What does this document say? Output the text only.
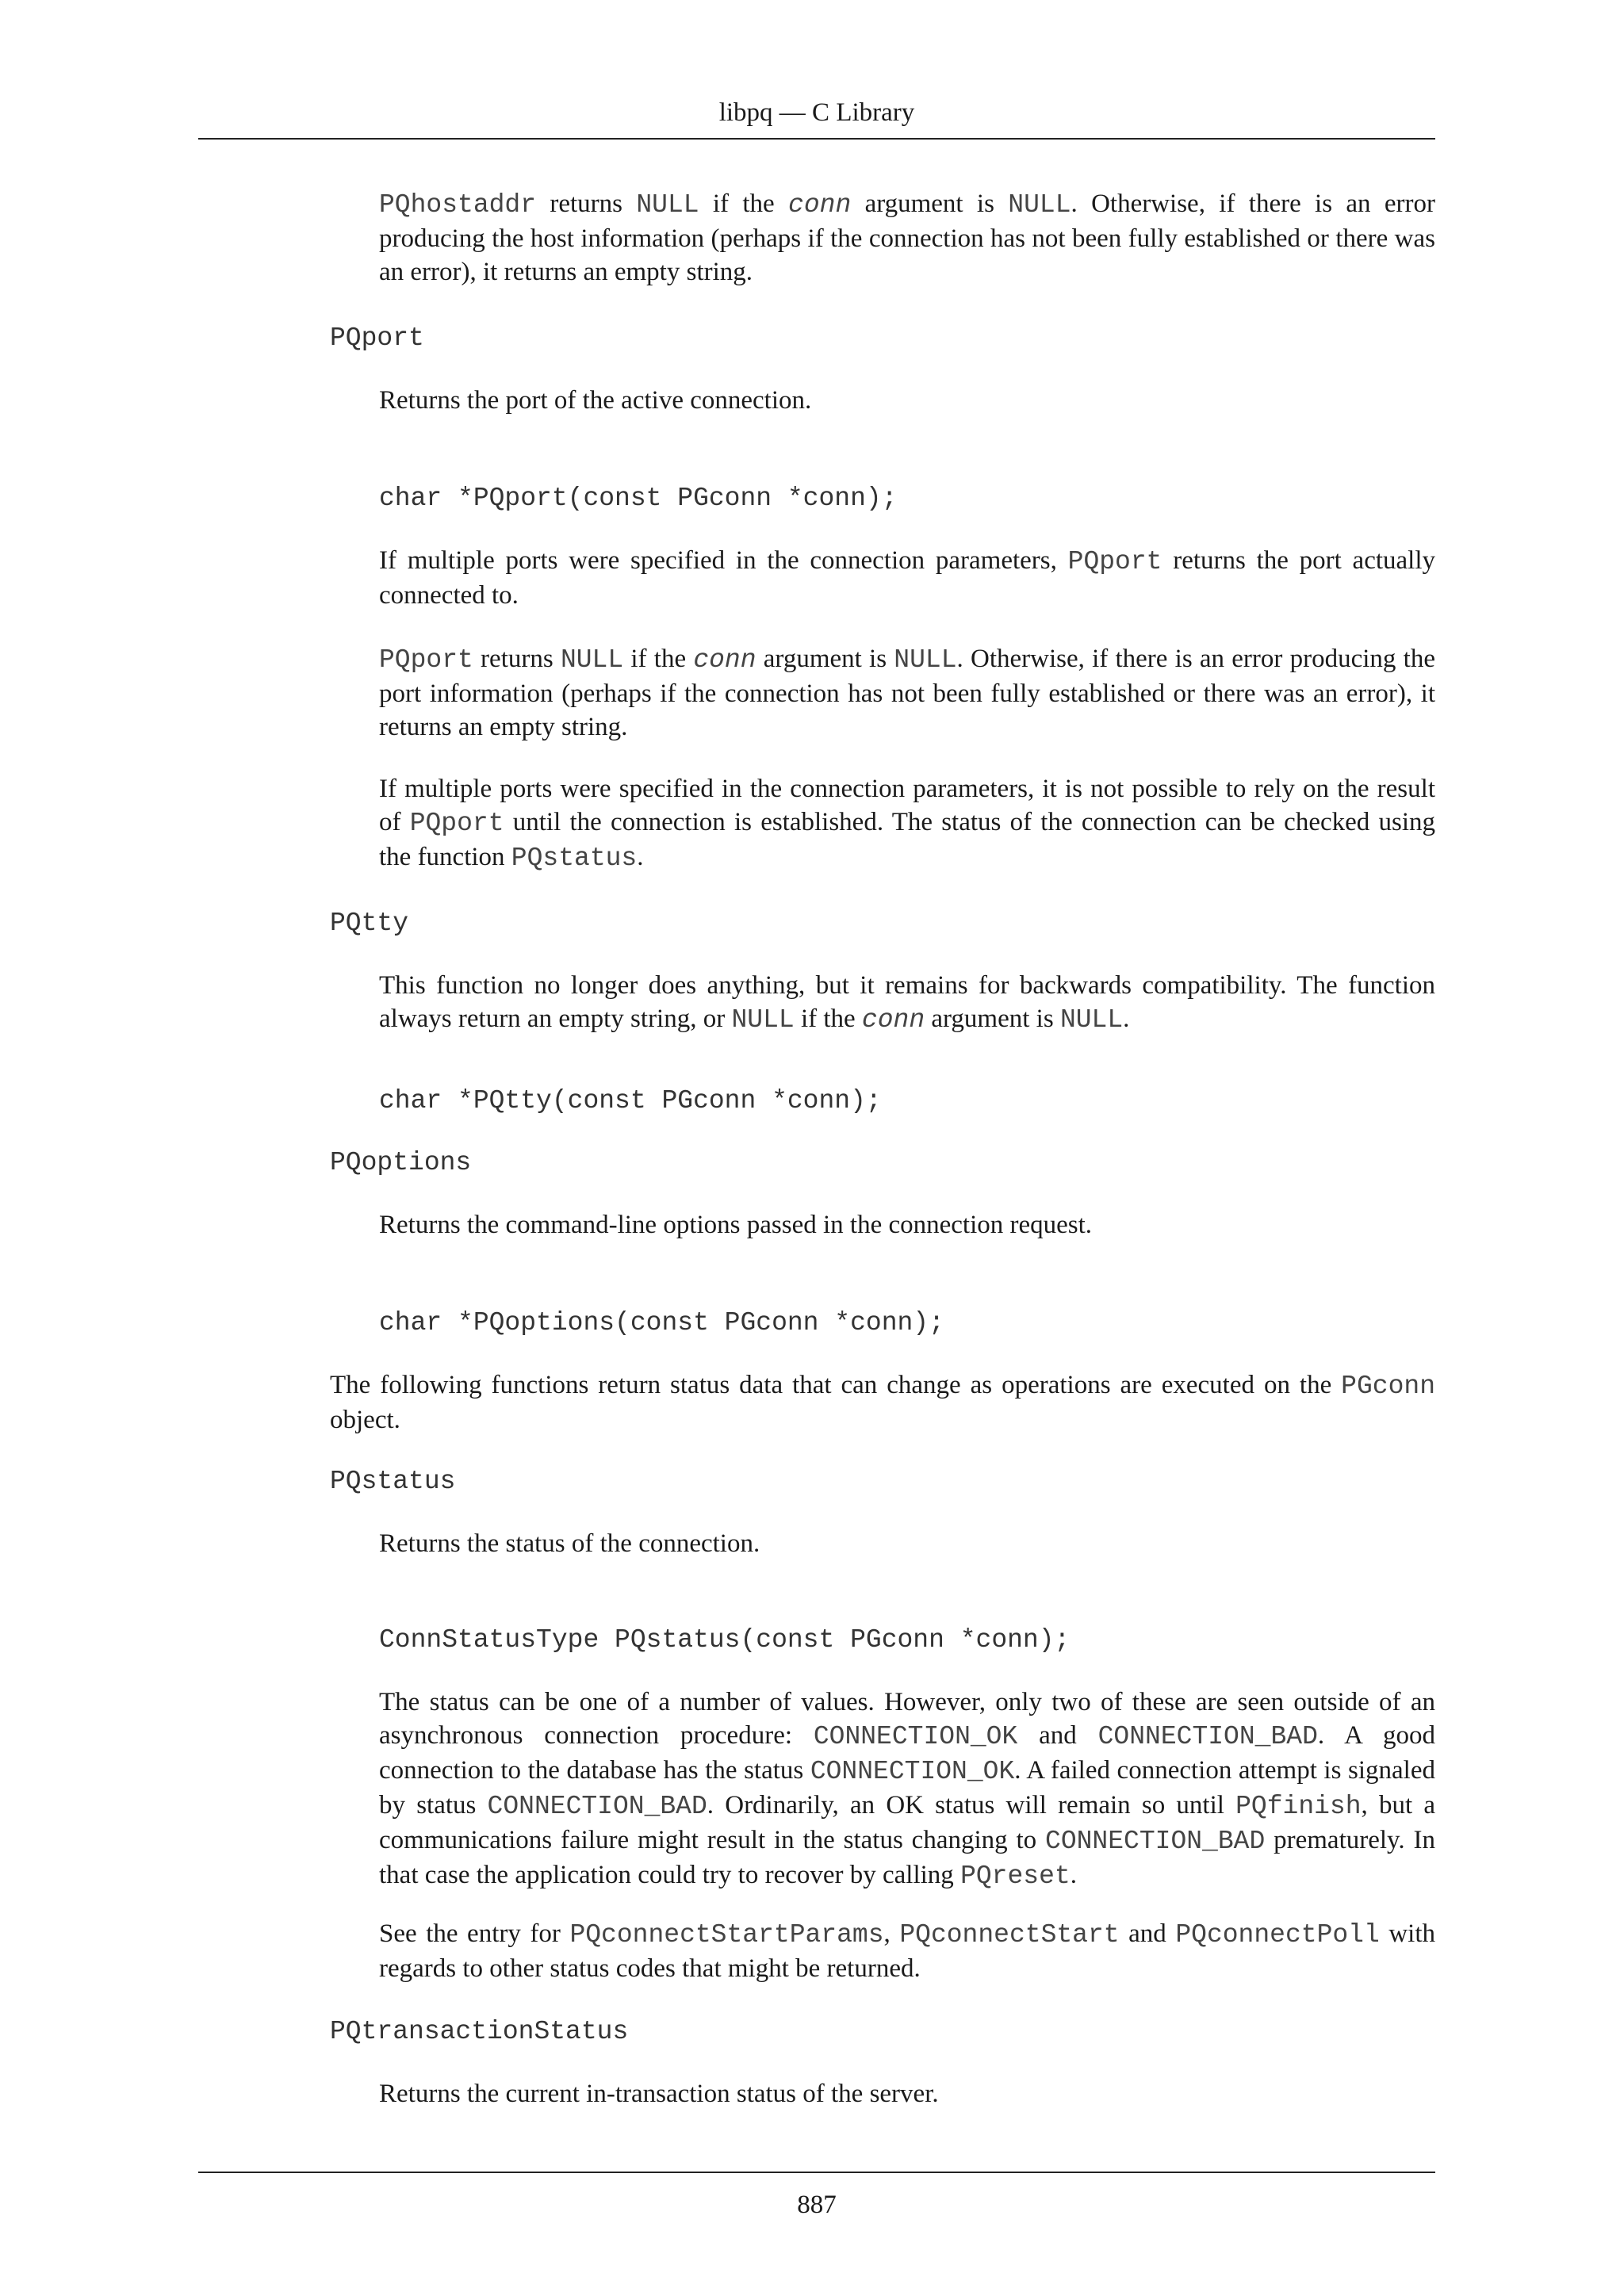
libpq — C Library

PQhostaddr returns NULL if the conn argument is NULL. Otherwise, if there is an error producing the host information (perhaps if the connection has not been fully established or there was an error), it returns an empty string.

PQport

Returns the port of the active connection.

char *PQport(const PGconn *conn);

If multiple ports were specified in the connection parameters, PQport returns the port actually connected to.

PQport returns NULL if the conn argument is NULL. Otherwise, if there is an error producing the port information (perhaps if the connection has not been fully established or there was an error), it returns an empty string.

If multiple ports were specified in the connection parameters, it is not possible to rely on the result of PQport until the connection is established. The status of the connection can be checked using the function PQstatus.

PQtty

This function no longer does anything, but it remains for backwards compatibility. The function always return an empty string, or NULL if the conn argument is NULL.

char *PQtty(const PGconn *conn);

PQoptions

Returns the command-line options passed in the connection request.

char *PQoptions(const PGconn *conn);

The following functions return status data that can change as operations are executed on the PGconn object.

PQstatus

Returns the status of the connection.

ConnStatusType PQstatus(const PGconn *conn);

The status can be one of a number of values. However, only two of these are seen outside of an asynchronous connection procedure: CONNECTION_OK and CONNECTION_BAD. A good connection to the database has the status CONNECTION_OK. A failed connection attempt is signaled by status CONNECTION_BAD. Ordinarily, an OK status will remain so until PQfinish, but a communications failure might result in the status changing to CONNECTION_BAD prematurely. In that case the application could try to recover by calling PQreset.

See the entry for PQconnectStartParams, PQconnectStart and PQconnectPoll with regards to other status codes that might be returned.

PQtransactionStatus

Returns the current in-transaction status of the server.

887
